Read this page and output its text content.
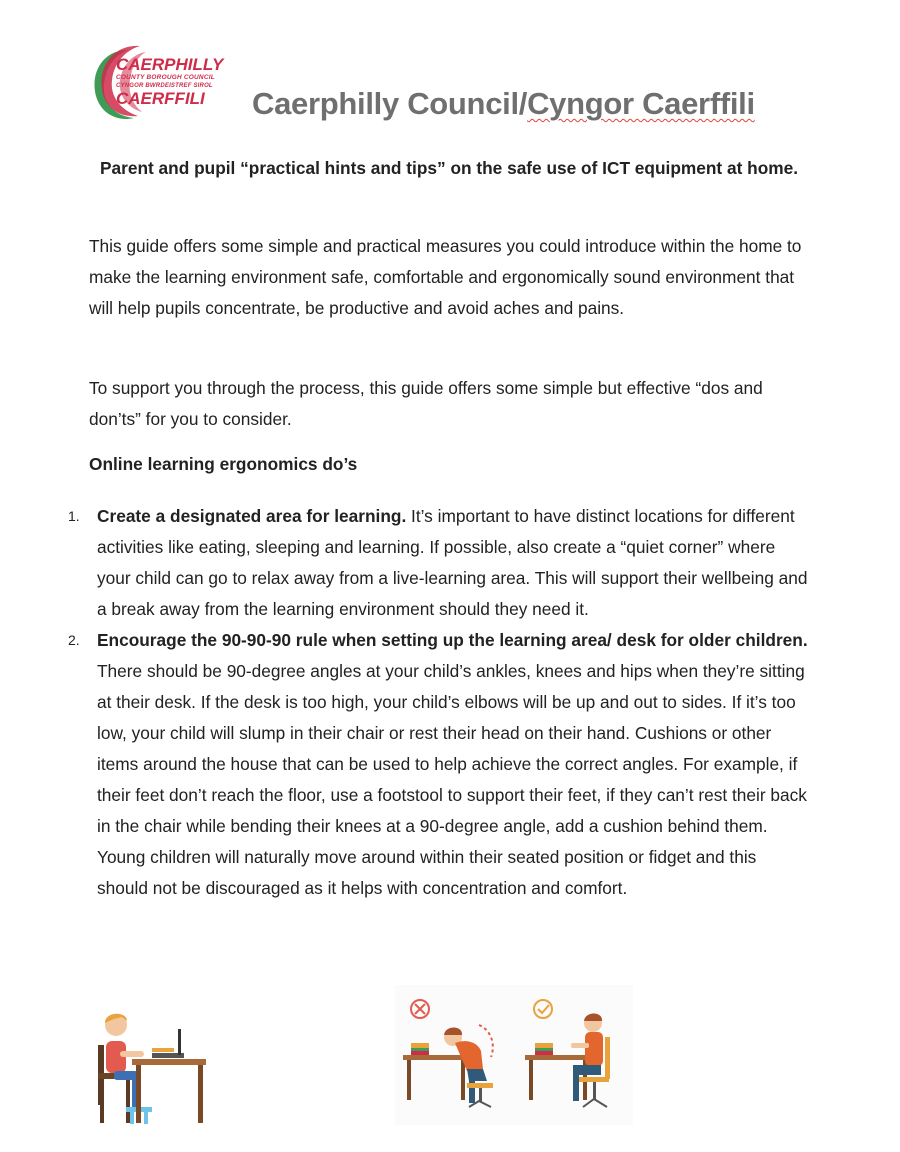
CAERPHILLY
COUNTY BOROUGH COUNCIL
CYNGOR BWRDEISTREF SIROL
CAERFFILI	Caerphilly Council/Cyngor Caerffili
Parent and pupil “practical hints and tips” on the safe use of ICT equipment at home.
This guide offers some simple and practical measures you could introduce within the home to make the learning environment safe, comfortable and ergonomically sound environment that will help pupils concentrate, be productive and avoid aches and pains.
To support you through the process, this guide offers some simple but effective “dos and don’ts” for you to consider.
Online learning ergonomics do’s
1. Create a designated area for learning. It’s important to have distinct locations for different activities like eating, sleeping and learning. If possible, also create a “quiet corner” where your child can go to relax away from a live-learning area. This will support their wellbeing and a break away from the learning environment should they need it.
2. Encourage the 90-90-90 rule when setting up the learning area/ desk for older children. There should be 90-degree angles at your child’s ankles, knees and hips when they’re sitting at their desk. If the desk is too high, your child’s elbows will be up and out to sides. If it’s too low, your child will slump in their chair or rest their head on their hand. Cushions or other items around the house that can be used to help achieve the correct angles. For example, if their feet don’t reach the floor, use a footstool to support their feet, if they can’t rest their back in the chair while bending their knees at a 90-degree angle, add a cushion behind them. Young children will naturally move around within their seated position or fidget and this should not be discouraged as it helps with concentration and comfort.
